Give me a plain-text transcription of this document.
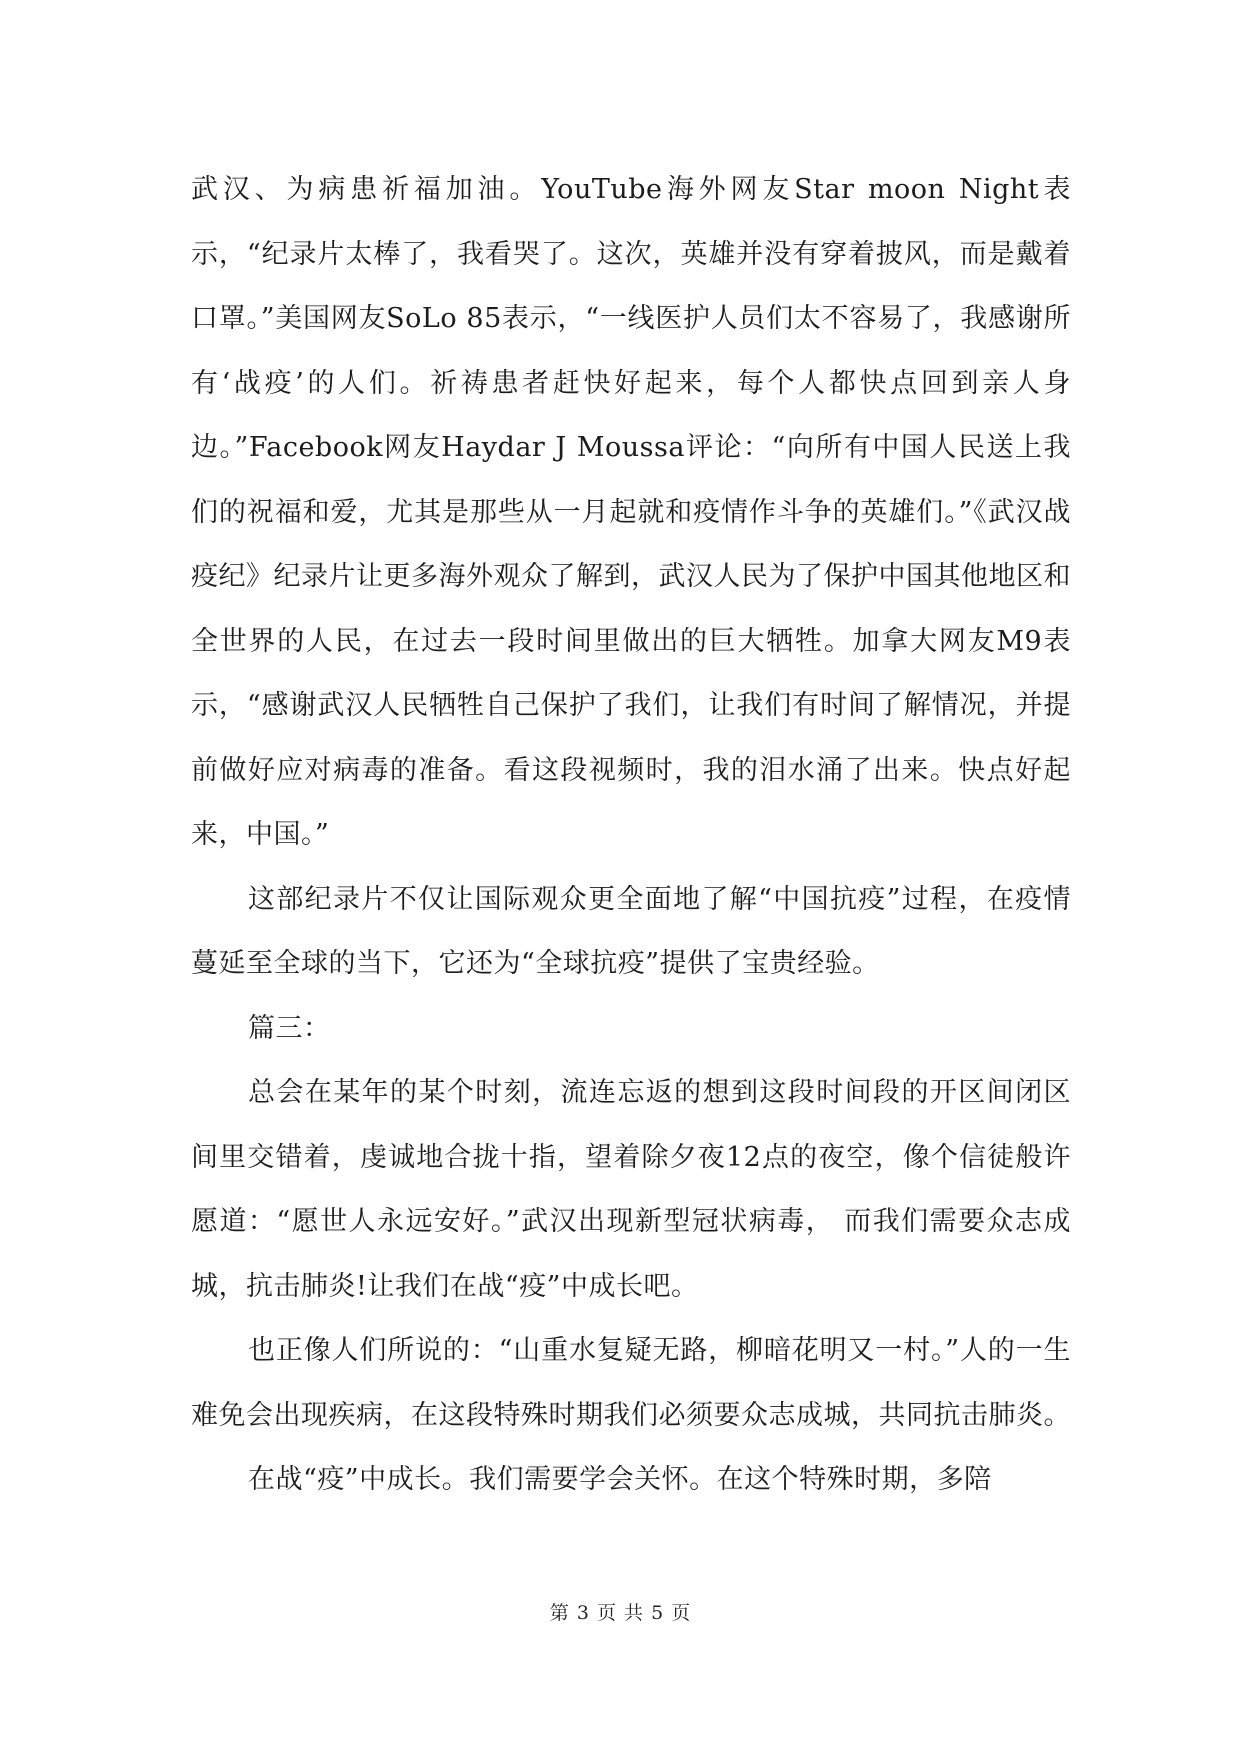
武汉、为病患祈福加油。YouTube海外网友Star moon Night表示，“纪录片太棒了，我看哭了。这次，英雄并没有穿着披风，而是戴着口罩。”美国网友SoLo 85表示，“一线医护人员们太不容易了，我感谢所有‘战疫’的人们。祈祷患者赶快好起来，每个人都快点回到亲人身边。”Facebook网友Haydar J Moussa评论：“向所有中国人民送上我们的祝福和爱，尤其是那些从一月起就和疫情作斗争的英雄们。”《武汉战疫纪》纪录片让更多海外观众了解到，武汉人民为了保护中国其他地区和全世界的人民，在过去一段时间里做出的巨大牺牲。加拿大网友M9表示，“感谢武汉人民牺牲自己保护了我们，让我们有时间了解情况，并提前做好应对病毒的准备。看这段视频时，我的泪水涌了出来。快点好起来，中国。”

这部纪录片不仅让国际观众更全面地了解“中国抗疫”过程，在疫情蔓延至全球的当下，它还为“全球抗疫”提供了宝贵经验。

篇三：

总会在某年的某个时刻，流连忘返的想到这段时间段的开区间闭区间里交错着，虔诚地合拢十指，望着除夕夜12点的夜空，像个信徒般许愿道：“愿世人永远安好。”武汉出现新型冠状病毒， 而我们需要众志成城，抗击肺炎!让我们在战“疫”中成长吧。

也正像人们所说的：“山重水复疑无路，柳暗花明又一村。”人的一生难免会出现疾病，在这段特殊时期我们必须要众志成城，共同抗击肺炎。

在战“疫”中成长。我们需要学会关怀。在这个特殊时期，多陪

第 3 页 共 5 页
